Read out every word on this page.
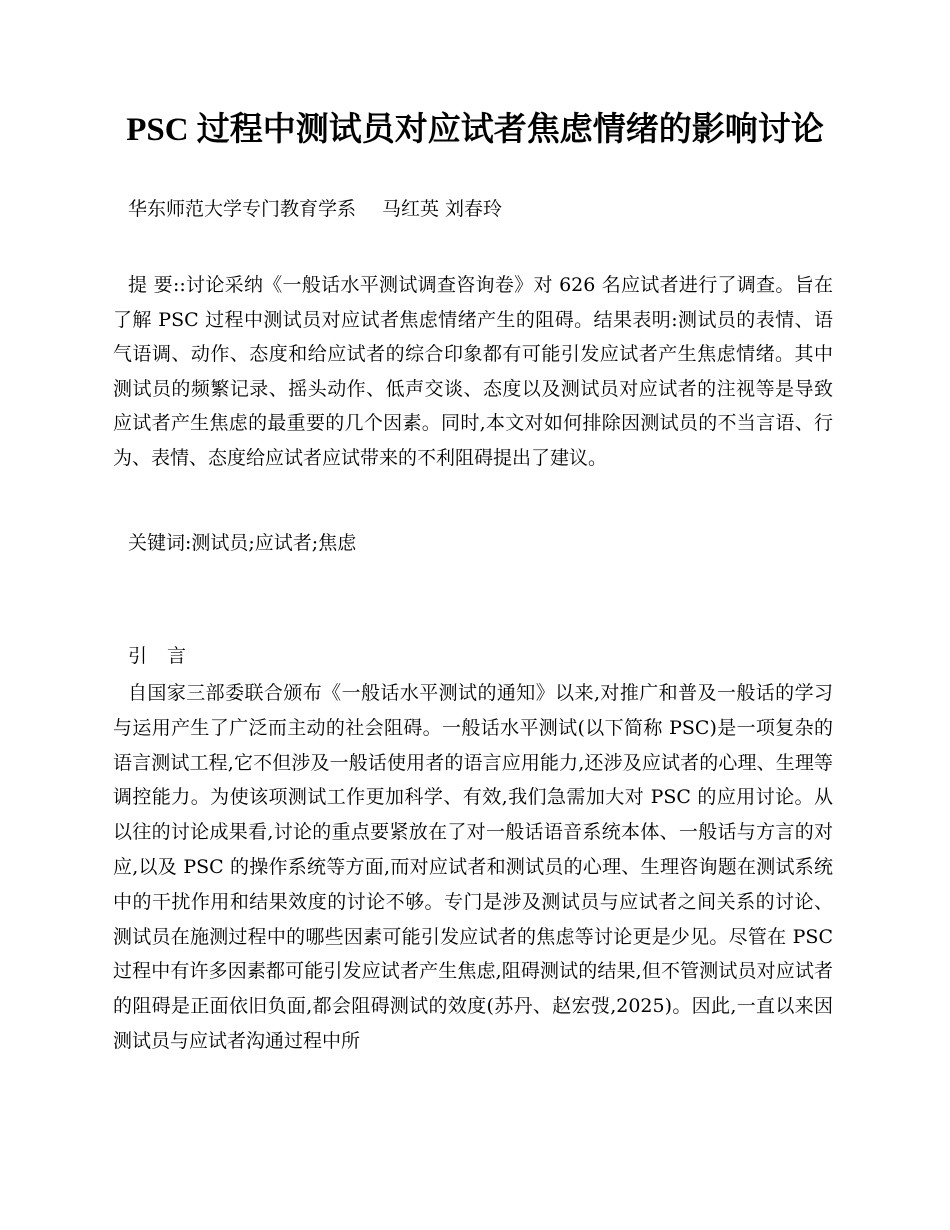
PSC 过程中测试员对应试者焦虑情绪的影响讨论
华东师范大学专门教育学系 马红英 刘春玲

提 要::讨论采纳《一般话水平测试调查咨询卷》对 626 名应试者进行了调查。旨在了解 PSC 过程中测试员对应试者焦虑情绪产生的阻碍。结果表明:测试员的表情、语气语调、动作、态度和给应试者的综合印象都有可能引发应试者产生焦虑情绪。其中测试员的频繁记录、摇头动作、低声交谈、态度以及测试员对应试者的注视等是导致应试者产生焦虑的最重要的几个因素。同时,本文对如何排除因测试员的不当言语、行为、表情、态度给应试者应试带来的不利阻碍提出了建议。

关键词:测试员;应试者;焦虑
引言

自国家三部委联合颁布《一般话水平测试的通知》以来,对推广和普及一般话的学习与运用产生了广泛而主动的社会阻碍。一般话水平测试(以下简称 PSC)是一项复杂的语言测试工程,它不但涉及一般话使用者的语言应用能力,还涉及应试者的心理、生理等调控能力。为使该项测试工作更加科学、有效,我们急需加大对 PSC 的应用讨论。从以往的讨论成果看,讨论的重点要紧放在了对一般话语音系统本体、一般话与方言的对应,以及 PSC 的操作系统等方面,而对应试者和测试员的心理、生理咨询题在测试系统中的干扰作用和结果效度的讨论不够。专门是涉及测试员与应试者之间关系的讨论、测试员在施测过程中的哪些因素可能引发应试者的焦虑等讨论更是少见。尽管在 PSC 过程中有许多因素都可能引发应试者产生焦虑,阻碍测试的结果,但不管测试员对应试者的阻碍是正面依旧负面,都会阻碍测试的效度(苏丹、赵宏弢,2025)。因此,一直以来因测试员与应试者沟通过程中所
